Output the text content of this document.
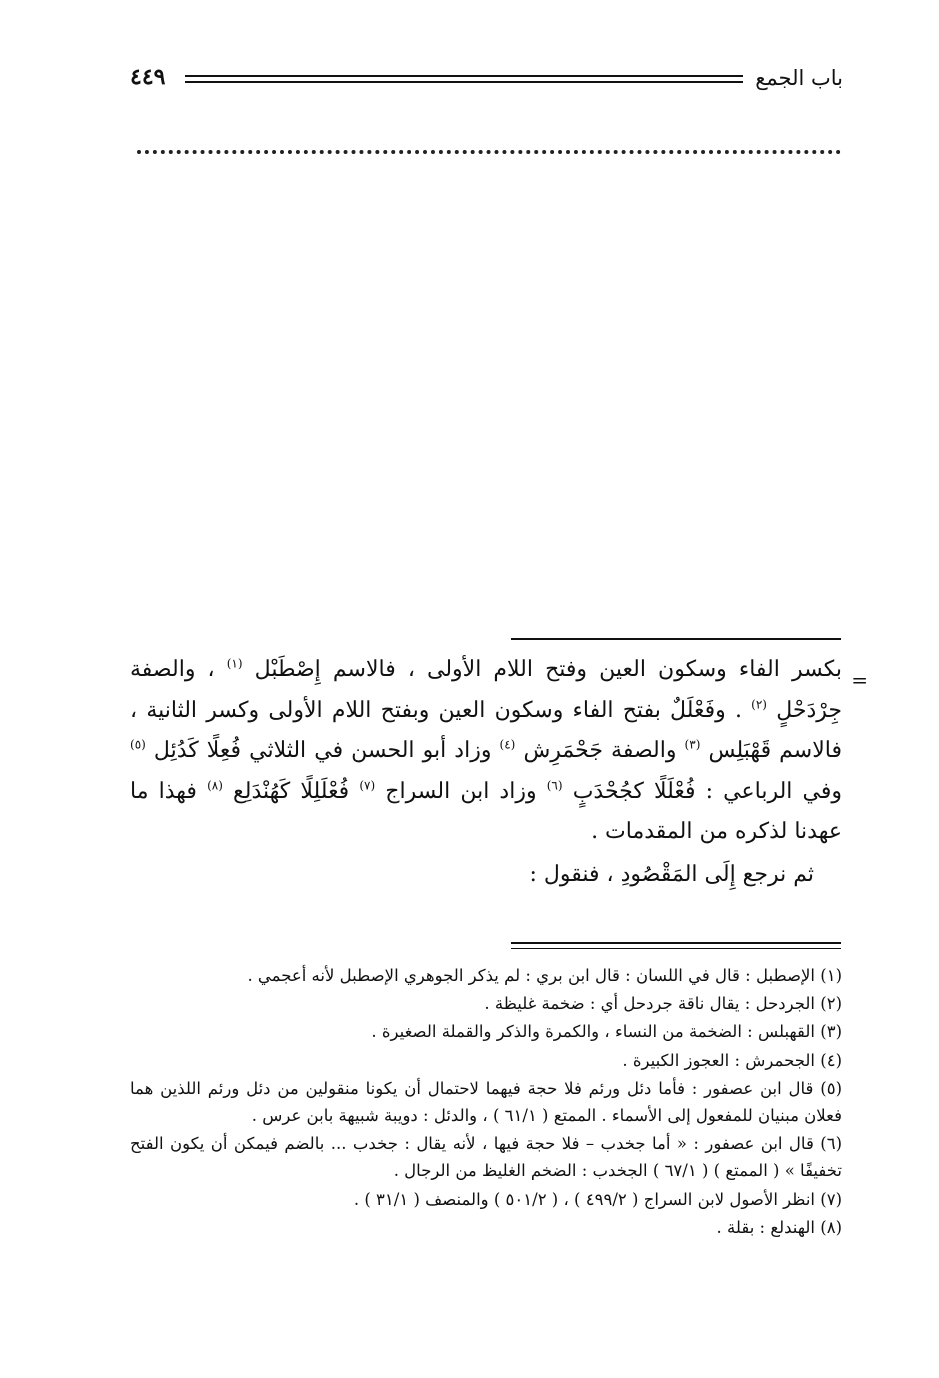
باب الجمع
٤٤٩
=

بكسر الفاء وسكون العين وفتح اللام الأولى ، فالاسم إِصْطَبْل $^{(١)}$ ، والصفة جِرْدَحْلٍ $^{(٢)}$ . وفَعْلَلٌ بفتح الفاء وسكون العين وبفتح اللام الأولى وكسر الثانية ، فالاسم قَهْبَلِس $^{(٣)}$ والصفة جَحْمَرِش $^{(٤)}$ وزاد أبو الحسن في الثلاثي فُعِلًا كَدُئِل $^{(٥)}$ وفي الرباعي : فُعْلَلًا كجُحْدَبٍ $^{(٦)}$ وزاد ابن السراج $^{(٧)}$ فُعْلَلِلًا كَهُنْدَلِع $^{(٨)}$ فهذا ما عهدنا لذكره من المقدمات .

ثم نرجع إِلَى المَقْصُودِ ، فنقول :

(١) الإصطبل : قال في اللسان : قال ابن بري : لم يذكر الجوهري الإصطبل لأنه أعجمي .

(٢) الجردحل : يقال ناقة جردحل أي : ضخمة غليظة .

(٣) القهبلس : الضخمة من النساء ، والكمرة والذكر والقملة الصغيرة .

(٤) الجحمرش : العجوز الكبيرة .

(٥) قال ابن عصفور : فأما دئل ورئم فلا حجة فيهما لاحتمال أن يكونا منقولين من دئل ورئم اللذين هما فعلان مبنيان للمفعول إلى الأسماء . الممتع ( ٦١/١ ) ، والدئل : دويبة شبيهة بابن عرس .

(٦) قال ابن عصفور : « أما جخدب – فلا حجة فيها ، لأنه يقال : جخدب ... بالضم فيمكن أن يكون الفتح تخفيفًا » ( الممتع ) ( ٦٧/١ ) الجخدب : الضخم الغليظ من الرجال .

(٧) انظر الأصول لابن السراج ( ٤٩٩/٢ ) ، ( ٥٠١/٢ ) والمنصف ( ٣١/١ ) .

(٨) الهندلع : بقلة .
